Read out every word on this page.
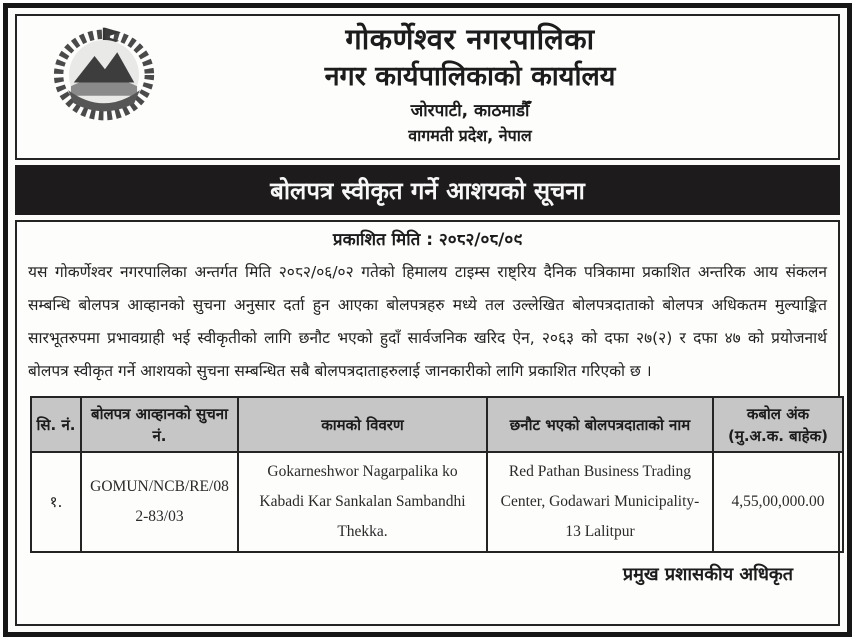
गोकर्णेश्वर नगरपालिका
नगर कार्यपालिकाको कार्यालय
जोरपाटी, काठमाडौँ
वागमती प्रदेश, नेपाल
बोलपत्र स्वीकृत गर्ने आशयको सूचना
प्रकाशित मिति : २०८२/०८/०९

यस गोकर्णेश्वर नगरपालिका अन्तर्गत मिति २०८२/०६/०२ गतेको हिमालय टाइम्स राष्ट्रिय दैनिक पत्रिकामा प्रकाशित अन्तरिक आय संकलन सम्बन्धि बोलपत्र आव्हानको सुचना अनुसार दर्ता हुन आएका बोलपत्रहरु मध्ये तल उल्लेखित बोलपत्रदाताको बोलपत्र अधिकतम मुल्याङ्कित सारभूतरुपमा प्रभावग्राही भई स्वीकृतीको लागि छनौट भएको हुदाँ सार्वजनिक खरिद ऐन, २०६३ को दफा २७(२) र दफा ४७ को प्रयोजनार्थ बोलपत्र स्वीकृत गर्ने आशयको सुचना सम्बन्धित सबै बोलपत्रदाताहरुलाई जानकारीको लागि प्रकाशित गरिएको छ ।

सि. नं.	बोलपत्र आव्हानको सुचना नं.	कामको विवरण	छनौट भएको बोलपत्रदाताको नाम	कबोल अंक (मु.अ.क. बाहेक)
१.	GOMUN/NCB/RE/082-83/03	Gokarneshwor Nagarpalika ko Kabadi Kar Sankalan Sambandhi Thekka.	Red Pathan Business Trading Center, Godawari Municipality-13 Lalitpur	4,55,00,000.00
प्रमुख प्रशासकीय अधिकृत
